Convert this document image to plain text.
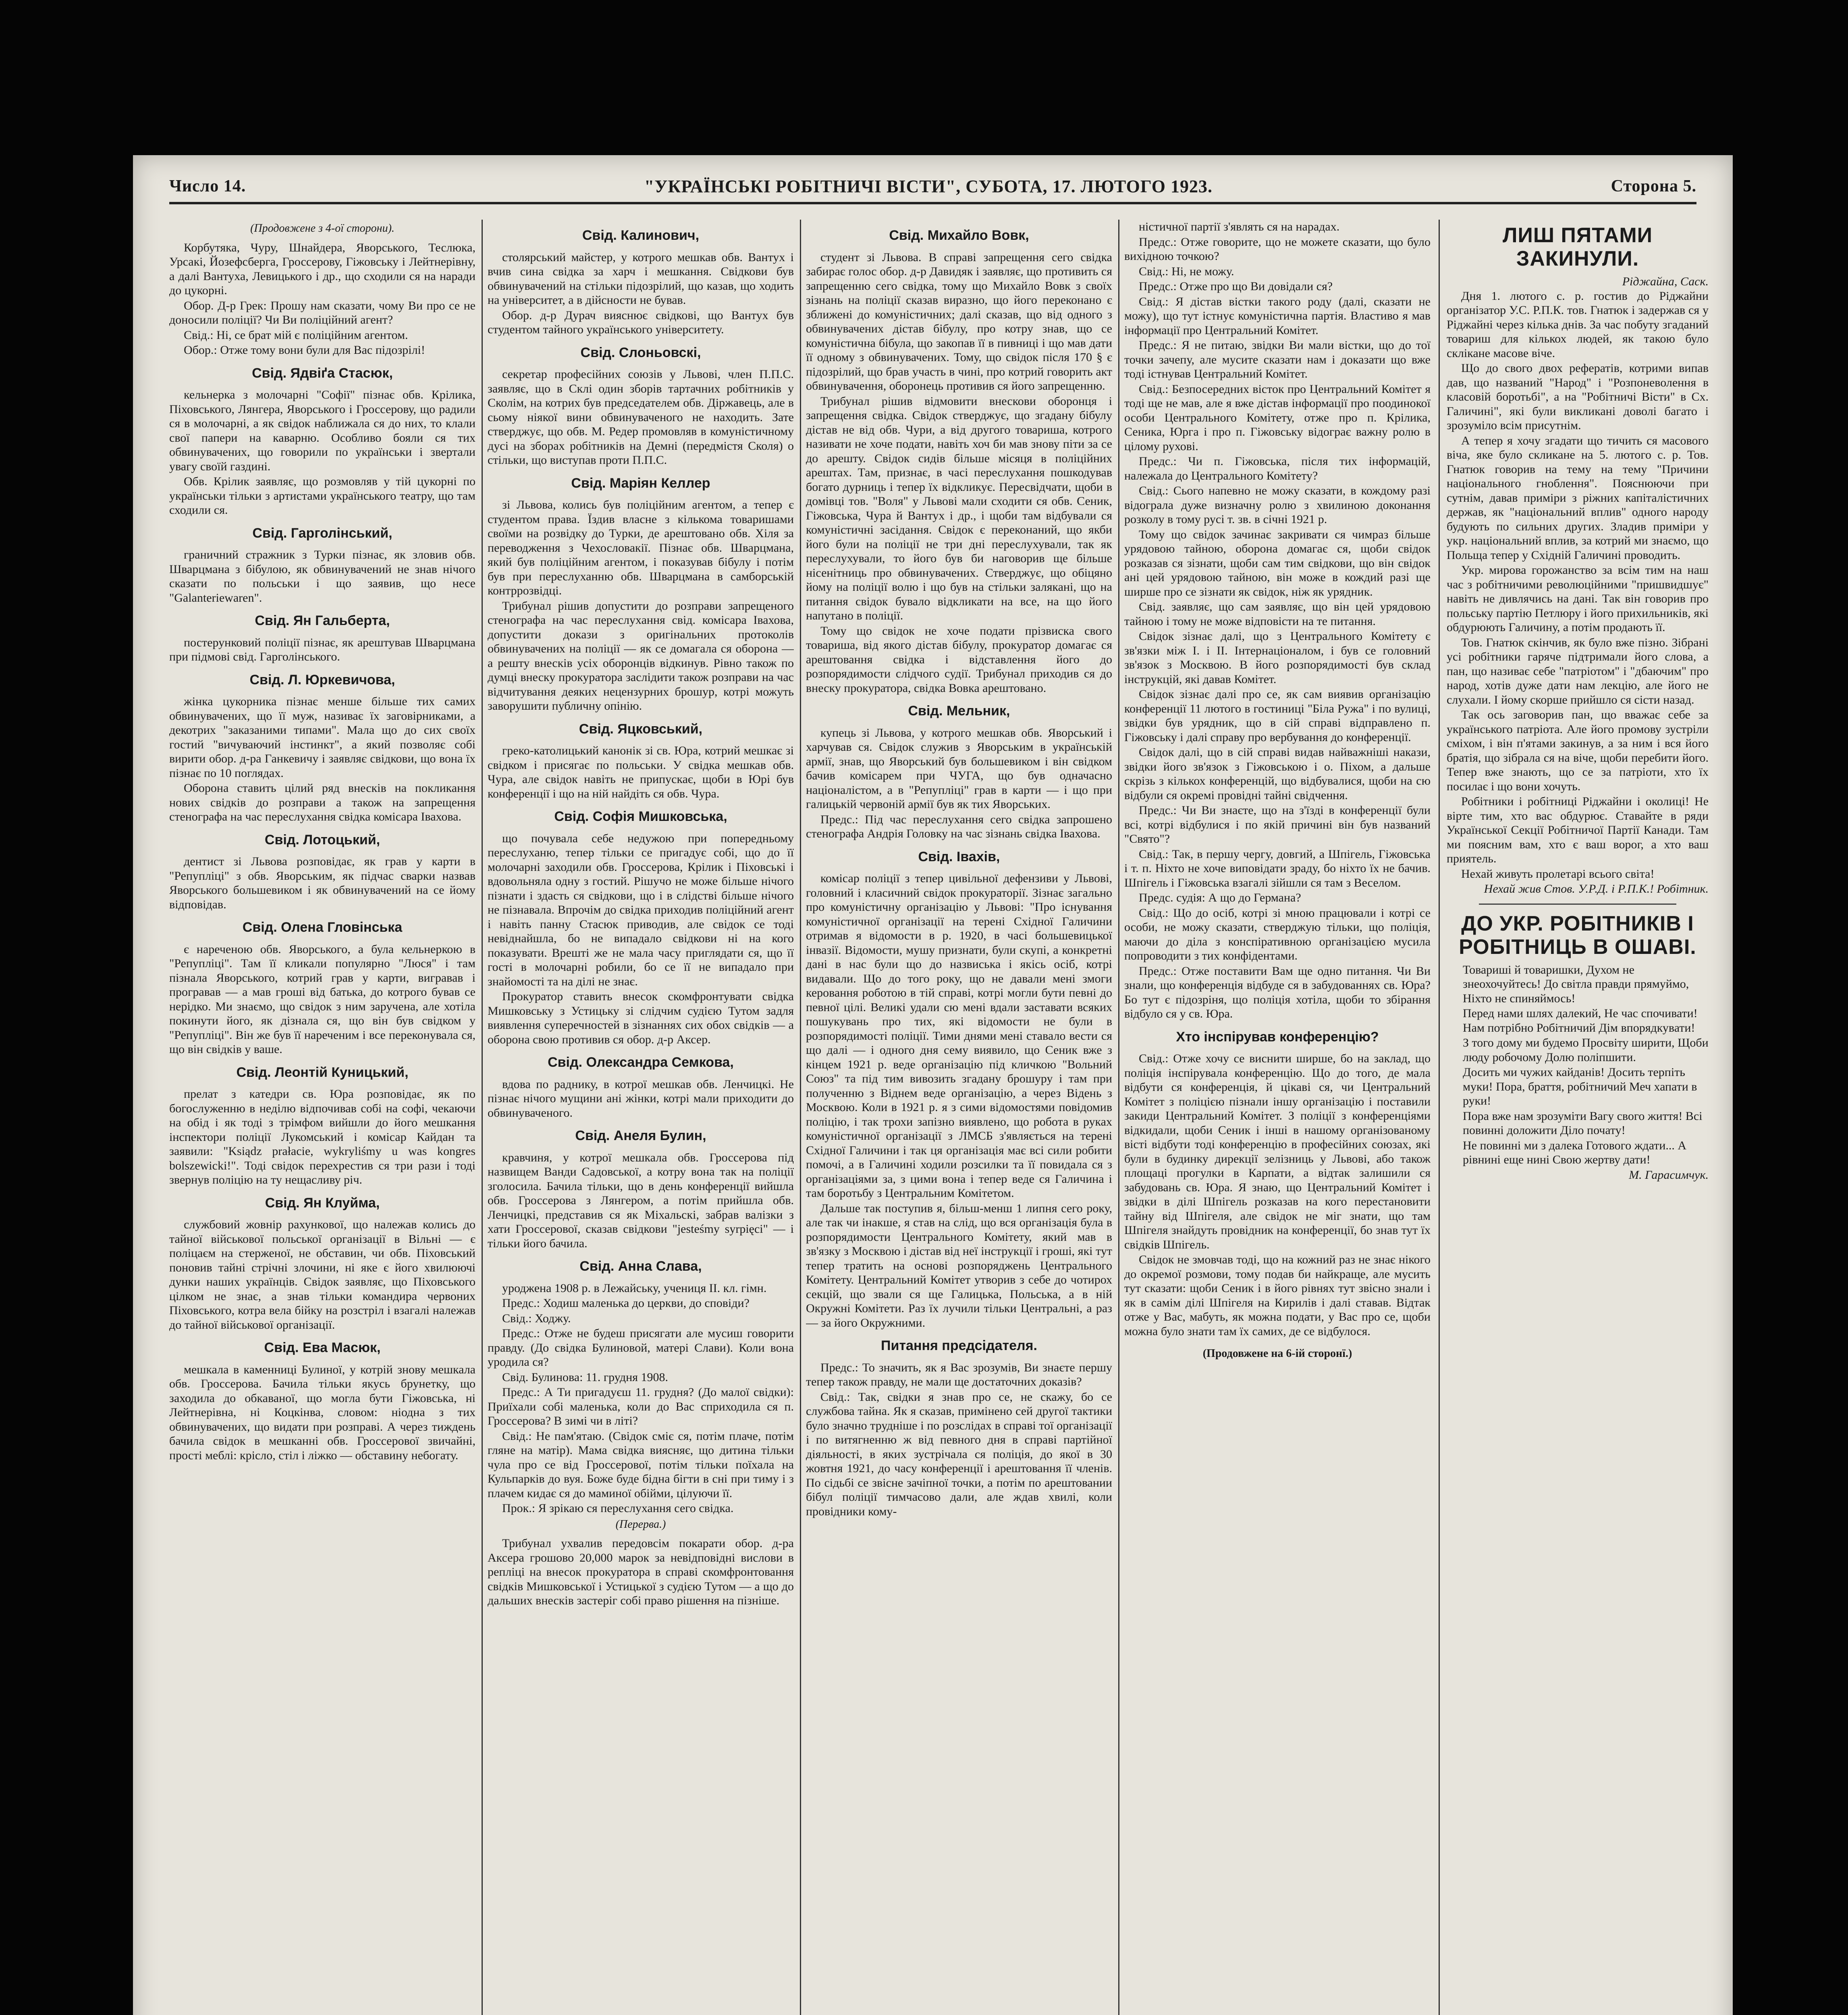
Число 14.	"УКРАЇНСЬКІ РОБІТНИЧІ ВІСТИ", СУБОТА, 17. ЛЮТОГО 1923.	Сторона 5.
(Продовжене з 4-ої сторони).

Корбутяка, Чуру, Шнайдера, Яворського, Теслюка, Урсакі, Йозефсберга, Гроссерову, Гіжовську і Лейтнерівну, а далі Вантуха, Левицького і др., що сходили ся на наради до цукорні.

Обор. Д-р Грек: Прошу нам сказати, чому Ви про се не доносили поліції? Чи Ви поліційний агент?

Свід.: Ні, се брат мій є поліційним агентом.

Обор.: Отже тому вони були для Вас підозрілі!

Свід. Ядвіґа Стасюк,

кельнерка з молочарні "Софії" пізнає обв. Крілика, Піховського, Лянгера, Яворського і Гроссерову, що радили ся в молочарні, а як свідок наближала ся до них, то клали свої папери на каварню. Особливо бояли ся тих обвинувачених, що говорили по українськи і звертали увагу своїй газдині.

Обв. Крілик заявляє, що розмовляв у тій цукорні по українськи тільки з артистами українського театру, що там сходили ся.

Свід. Гарголінський,

граничний стражник з Турки пізнає, як зловив обв. Шварцмана з бібулою, як обвинувачений не знав нічого сказати по польськи і що заявив, що несе "Galanteriewaren".

Свід. Ян Гальберта,

постерунковий поліції пізнає, як арештував Шварцмана при підмові свід. Гарголінського.

Свід. Л. Юркевичова,

жінка цукорника пізнає менше більше тих самих обвинувачених, що її муж, називає їх заговірниками, а декотрих "заказаними типами". Мала що до сих своїх гостий "вичуваючий інстинкт", а який позволяє собі вирити обор. д-ра Ганкевичу і заявляє свідкови, що вона їх пізнає по 10 поглядах.

Оборона ставить цілий ряд внесків на покликання нових свідків до розправи а також на запрещення стенографа на час переслухання свідка комісара Івахова.

Свід. Лотоцький,

дентист зі Львова розповідає, як грав у карти в "Репупліці" з обв. Яворським, як підчас сварки назвав Яворського большевиком і як обвинувачений на се йому відповідав.

Свід. Олена Гловінська

є нареченою обв. Яворського, а була кельнеркою в "Репупліці". Там її кликали популярно "Люся" і там пізнала Яворського, котрий грав у карти, вигравав і програвав — а мав гроші від батька, до котрого бував се нерідко. Ми знаємо, що свідок з ним заручена, але хотіла покинути його, як дізнала ся, що він був свідком у "Репупліці". Він же був її нареченим і все переконувала ся, що він свідків у ваше.

Свід. Леонтій Куницький,

прелат з катедри св. Юра розповідає, як по богослуженню в неділю відпочивав собі на софі, чекаючи на обід і як тоді з трімфом вийшли до його мешкання інспектори поліції Лукомський і комісар Кайдан та заявили: "Ksiądz prałacie, wykryliśmy u was kongres bolszewicki!". Тоді свідок перехрестив ся три рази і тоді звернув поліцію на ту нещасливу річ.

Свід. Ян Клуйма,

службовий жовнір рахункової, що належав колись до тайної військової польської організації в Вільні — є поліцаєм на стерженої, не обставин, чи обв. Піховський поновив тайні стрічні злочини, ні яке є його хвилюючі дунки наших українців. Свідок заявляє, що Піховського цілком не знає, а знав тільки командира червоних Піховського, котра вела бійку на розстріл і взагалі належав до тайної військової організації.

Свід. Ева Масюк,

мешкала в каменниці Булиної, у котрій знову мешкала обв. Гроссерова. Бачила тільки якусь брунетку, що заходила до обкаваної, що могла бути Гіжовська, ні Лейтнерівна, ні Коцкінва, словом: ніодна з тих обвинувачених, що видати при розправі. А через тиждень бачила свідок в мешканні обв. Гроссерової звичайні, прості меблі: крісло, стіл і ліжко — обставину небогату.

Свід. Калинович,

столярський майстер, у котрого мешкав обв. Вантух і вчив сина свідка за харч і мешкання. Свідкови був обвинувачений на стільки підозрілий, що казав, що ходить на університет, а в дійсности не бував.

Обор. д-р Дурач вияснює свідкові, що Вантух був студентом тайного українського університету.

Свід. Слоньовскі,

секретар професійних союзів у Львові, член П.П.С. заявляє, що в Склі один зборів тартачних робітників у Сколім, на котрих був председателем обв. Діржавець, але в сьому ніякої вини обвинуваченого не находить. Зате стверджує, що обв. М. Редер промовляв в комуністичному дусі на зборах робітників на Демні (передмістя Сколя) о стільки, що виступав проти П.П.С.

Свід. Маріян Келлер

зі Львова, колись був поліційним агентом, а тепер є студентом права. Їздив власне з кількома товаришами своїми на розвідку до Турки, де арештовано обв. Хіля за переводження з Чехословакії. Пізнає обв. Шварцмана, який був поліційним агентом, і показував бібулу і потім був при переслуханню обв. Шварцмана в самборській контррозвідці.

Трибунал рішив допустити до розправи запрещеного стенографа на час переслухання свід. комісара Івахова, допустити докази з оригінальних протоколів обвинувачених на поліції — як се домагала ся оборона — а решту внесків усіх оборонців відкинув. Рівно також по думці внеску прокуратора заслідити також розправи на час відчитування деяких нецензурних брошур, котрі можуть заворушити публичну опінію.

Свід. Яцковський,

греко-католицький канонік зі св. Юра, котрий мешкає зі свідком і присягає по польськи. У свідка мешкав обв. Чура, але свідок навіть не припускає, щоби в Юрі був конференції і що на ній найдіть ся обв. Чура.

Свід. Софія Мишковська,

що почувала себе недужою при попередньому переслуханю, тепер тільки се пригадує собі, що до її молочарні заходили обв. Гроссерова, Крілик і Піховські і вдовольняла одну з гостий. Рішучо не може більше нічого пізнати і здасть ся свідкови, що і в слідстві більше нічого не пізнавала. Впрочім до свідка приходив поліційний агент і навіть панну Стасюк приводив, але свідок се тоді невіднайшла, бо не випадало свідкови ні на кого показувати. Врешті же не мала часу приглядати ся, що її гості в молочарні робили, бо се її не випадало при знайомості та на ділі не знає.

Прокуратор ставить внесок скомфронтувати свідка Мишковську з Устицьку зі слідчим судією Тутом задля виявлення суперечностей в зізнаннях сих обох свідків — а оборона свою противив ся обор. д-р Аксер.

Свід. Олександра Семкова,

вдова по раднику, в котрої мешкав обв. Ленчицкі. Не пізнає нічого мущини ані жінки, котрі мали приходити до обвинуваченого.

Свід. Анеля Булин,

кравчиня, у котрої мешкала обв. Гроссерова під назвищем Ванди Садовської, а котру вона так на поліції зголосила. Бачила тільки, що в день конференції вийшла обв. Гроссерова з Лянгером, а потім прийшла обв. Ленчицкі, представив ся як Міхальскі, забрав валізки з хати Гроссерової, сказав свідкови "jesteśmy syrpięci" — і тільки його бачила.

Свід. Анна Слава,

уроджена 1908 р. в Лежайську, учениця II. кл. гімн.

Предс.: Ходиш маленька до церкви, до сповіди?

Свід.: Ходжу.

Предс.: Отже не будеш присягати але мусиш говорити правду. (До свідка Булиновой, матері Слави). Коли вона уродила ся?

Свід. Булинова: 11. грудня 1908.

Предс.: А Ти пригадуєш 11. грудня? (До малої свідки): Приїхали собі маленька, коли до Вас сприходила ся п. Гроссерова? В зимі чи в літі?

Свід.: Не пам'ятаю. (Свідок сміє ся, потім плаче, потім гляне на матір). Мама свідка виясняє, що дитина тільки чула про се від Гроссерової, потім тільки поїхала на Кульпарків до вуя. Боже буде бідна бігти в сні при тиму і з плачем кидає ся до маминої обійми, цілуючи її.

Прок.: Я зрікаю ся переслухання сего свідка.

(Перерва.)

Трибунал ухвалив передовсім покарати обор. д-ра Аксера грошово 20,000 марок за невідповідні вислови в репліці на внесок прокуратора в справі скомфронтовання свідків Мишковської і Устицької з судією Тутом — а що до дальших внесків застеріг собі право рішення на пізніше.

Свід. Михайло Вовк,

студент зі Львова. В справі запрещення сего свідка забирає голос обор. д-р Давидяк і заявляє, що противить ся запрещенню сего свідка, тому що Михайло Вовк з своїх зізнань на поліції сказав виразно, що його переконано є зближені до комуністичних; далі сказав, що від одного з обвинувачених дістав бібулу, про котру знав, що се комуністична бібула, що закопав її в пивниці і що мав дати її одному з обвинувачених. Тому, що свідок після 170 § є підозрілий, що брав участь в чині, про котрий говорить акт обвинувачення, оборонець противив ся його запрещенню.

Трибунал рішив відмовити внескови оборонця і запрещення свідка. Свідок стверджує, що згадану бібулу дістав не від обв. Чури, а від другого товариша, котрого називати не хоче подати, навіть хоч би мав знову піти за се до арешту. Свідок сидів більше місяця в поліційних арештах. Там, признає, в часі переслухання пошкодував богато дурниць і тепер їх відкликує. Пересвідчати, щоби в домівці тов. "Воля" у Львові мали сходити ся обв. Сеник, Гіжовська, Чура й Вантух і др., і щоби там відбували ся комуністичні засідання. Свідок є переконаний, що якби його були на поліції не три дні переслухували, так як переслухували, то його був би наговорив ще більше нісенітниць про обвинувачених. Стверджує, що обіцяно йому на поліції волю і що був на стільки залякані, що на питання свідок бувало відкликати на все, на що його напутано в поліції.

Тому що свідок не хоче подати прізвиска свого товариша, від якого дістав бібулу, прокуратор домагає ся арештовання свідка і відставлення його до розпорядимости слідчого судії. Трибунал приходив ся до внеску прокуратора, свідка Вовка арештовано.

Свід. Мельник,

купець зі Львова, у котрого мешкав обв. Яворський і харчував ся. Свідок служив з Яворським в українській армії, знав, що Яворський був большевиком і він свідком бачив комісарем при ЧУГА, що був одначасно націоналістом, а в "Репупліці" грав в карти — і що при галицькій червоній армії був як тих Яворських.

Предс.: Під час переслухання сего свідка запрошено стенографа Андрія Головку на час зізнань свідка Івахова.

Свід. Івахів,

комісар поліції з тепер цивільної дефензиви у Львові, головний і класичний свідок прокураторії. Зізнає загально про комуністичну організацію у Львові: "Про існування комуністичної організації на терені Східної Галичини отримав я відомости в р. 1920, в часі большевицької інвазії. Відомости, мушу признати, були скупі, а конкретні дані в нас були що до назвиська і якісь осіб, котрі видавали. Що до того року, що не давали мені змоги керовання роботою в тій справі, котрі могли бути певні до певної цілі. Великі удали сю мені вдали заставати всяких пошукувань про тих, які відомости не були в розпорядимості поліції. Тими днями мені ставало вести ся що далі — і одного дня сему виявило, що Сеник вже з кінцем 1921 р. веде організацію під кличкою "Вольний Союз" та під тим вивозить згадану брошуру і там при полученню з Віднем веде організацію, а через Відень з Москвою. Коли в 1921 р. я з сими відомостями повідомив поліцію, і так трохи запізно виявлено, що робота в руках комуністичної організації з ЛМСБ з'являється на терені Східної Галичини і так ця організація має всі сили робити помочі, а в Галичині ходили розсилки та її повидала ся з організаціями за, з цими вона і тепер веде ся Галичина і там боротьбу з Центральним Комітетом.

Дальше так поступив я, більш-менш 1 липня сего року, але так чи інакше, я став на слід, що вся організація була в розпорядимости Центрального Комітету, який мав в зв'язку з Москвою і дістав від неї інструкції і гроші, які тут тепер тратить на основі розпоряджень Центрального Комітету. Центральний Комітет утворив з себе до чотирох секцій, що звали ся ще Галицька, Польська, а в ній Окружні Комітети. Раз їх лучили тільки Центральні, а раз — за його Окружними.

Питання предсідателя.

Предс.: То значить, як я Вас зрозумів, Ви знаєте першу тепер також правду, не мали ще достаточних доказів?

Свід.: Так, свідки я знав про се, не скажу, бо се службова тайна. Як я сказав, примінено сей другої тактики було значно трудніше і по розслідах в справі тої організації і по витягненню ж від певного дня в справі партійної діяльності, в яких зустрічала ся поліція, до якої в 30 жовтня 1921, до часу конференції і арештовання її членів. По сідьбі се звісне зачіпної точки, а потім по арештовании бібул поліції тимчасово дали, але ждав хвилі, коли провідники кому-

ністичної партії з'являть ся на нарадах.

Предс.: Отже говорите, що не можете сказати, що було вихідною точкою?

Свід.: Ні, не можу.

Предс.: Отже про що Ви довідали ся?

Свід.: Я дістав вістки такого роду (далі, сказати не можу), що тут істнує комуністична партія. Властиво я мав інформації про Центральний Комітет.

Предс.: Я не питаю, звідки Ви мали вістки, що до тої точки зачепу, але мусите сказати нам і доказати що вже тоді істнував Центральний Комітет.

Свід.: Безпосередних вісток про Центральний Комітет я тоді ще не мав, але я вже дістав інформації про поодинокої особи Центрального Комітету, отже про п. Крілика, Сеника, Юрга і про п. Гіжовську відограє важну ролю в цілому рухові.

Предс.: Чи п. Гіжовська, після тих інформацій, належала до Центрального Комітету?

Свід.: Сього напевно не можу сказати, в кождому разі відограла дуже визначну ролю з хвилиною доконання розколу в тому русі т. зв. в січні 1921 р.

Тому що свідок зачинає закривати ся чимраз більше урядовою тайною, оборона домагає ся, щоби свідок розказав ся зізнати, щоби сам тим свідкови, що він свідок ані цей урядовою тайною, він може в кождий разі ще ширше про се зізнати як свідок, ніж як урядник.

Свід. заявляє, що сам заявляє, що він цей урядовою тайною і тому не може відповісти на те питання.

Свідок зізнає далі, що з Центрального Комітету є зв'язки між І. і ІІ. Інтернаціоналом, і був се головний зв'язок з Москвою. В його розпорядимості був склад інструкцій, які давав Комітет.

Свідок зізнає далі про се, як сам виявив організацію конференції 11 лютого в гостиниці "Біла Ружа" і по вулиці, звідки був урядник, що в сій справі відправлено п. Гіжовську і далі справу про вербування до конференції.

Свідок далі, що в сій справі видав найважніші накази, звідки його зв'язок з Гіжовською і о. Піхом, а дальше скрізь з кількох конференцій, що відбувалися, щоби на сю відбули ся окремі провідні тайні свідчення.

Предс.: Чи Ви знаєте, що на з'їзді в конференції були всі, котрі відбулися і по якій причині він був названий "Свято"?

Свід.: Так, в першу чергу, довгий, а Шпігель, Гіжовська і т. п. Ніхто не хоче виповідати зраду, бо ніхто їх не бачив. Шпігель і Гіжовська взагалі зійшли ся там з Веселом.

Предс. судія: А що до Германа?

Свід.: Що до осіб, котрі зі мною працювали і котрі се особи, не можу сказати, стверджую тільки, що поліція, маючи до діла з конспіративною організацією мусила попроводити з тих конфідентами.

Предс.: Отже поставити Вам ще одно питання. Чи Ви знали, що конференція відбуде ся в забудованнях св. Юра? Бо тут є підозріня, що поліція хотіла, щоби то збірання відбуло ся у св. Юра.

Хто інспірував конференцію?

Свід.: Отже хочу се виснити ширше, бо на заклад, що поліція інспірувала конференцію. Що до того, де мала відбути ся конференція, й цікаві ся, чи Центральний Комітет з поліцією пізнали іншу організацію і поставили закиди Центральний Комітет. З поліції з конференціями відкидали, щоби Сеник і інші в нашому організованому вісті відбути тоді конференцію в професійних союзах, які були в будинку дирекції зелізниць у Львові, або також площаці прогулки в Карпати, а відтак залишили ся забудовань св. Юра. Я знаю, що Центральний Комітет і звідки в ділі Шпігель розказав на кого перестановити тайну від Шпігеля, але свідок не міг знати, що там Шпігеля знайдуть провідник на конференції, бо знав тут їх свідків Шпігель.

Свідок не змовчав тоді, що на кожний раз не знає нікого до окремої розмови, тому подав би найкраще, але мусить тут сказати: щоби Сеник і в його рівнях тут звісно знали і як в самім ділі Шпігеля на Кирилів і далі ставав. Відтак отже у Вас, мабуть, як можна подати, у Вас про се, щоби можна було знати там їх самих, де се відбулося.

(Продовжене на 6-ій сторонї.)
ЛИШ ПЯТАМИ ЗАКИНУЛИ.
Ріджайна, Саск.

Дня 1. лютого с. р. гостив до Ріджайни організатор У.С. Р.П.К. тов. Гнатюк і задержав ся у Ріджайні через кілька днів. За час побуту згаданий товариш для кількох людей, як такою було склікане масове віче.

Що до свого двох рефератів, котрими випав дав, що названий "Народ" і "Розпоневолення в класовій боротьбі", а на "Робітничі Вісти" в Сх. Галичині", які були викликані доволі багато і зрозуміло всім присутнім.

А тепер я хочу згадати що тичить ся масового віча, яке було скликане на 5. лютого с. р. Тов. Гнатюк говорив на тему на тему "Причини національного гноблення". Пояснюючи при сутнім, давав приміри з ріжних капіталістичних держав, як "національний вплив" одного народу будують по сильних других. Зладив приміри у укр. національний вплив, за котрий ми знаємо, що Польща тепер у Східній Галичині проводить.

Укр. мирова горожанство за всім тим на наш час з робітничими революційними "пришвидшує" навіть не дивлячись на дані. Так він говорив про польську партію Петлюру і його прихильників, які обдурюють Галичину, а потім продають її.

Тов. Гнатюк скінчив, як було вже пізно. Зібрані усі робітники гаряче підтримали його слова, а пан, що називає себе "патріотом" і "дбаючим" про народ, хотів дуже дати нам лекцію, але його не слухали. І йому скорше прийшло ся сісти назад.

Так ось заговорив пан, що вважає себе за українського патріота. Але його промову зустріли сміхом, і він п'ятами закинув, а за ним і вся його братія, що зібрала ся на віче, щоби перебити його. Тепер вже знають, що се за патріоти, хто їх посилає і що вони хочуть.

Робітники і робітниці Ріджайни і околиці! Не вірте тим, хто вас обдурює. Ставайте в ряди Української Секції Робітничої Партії Канади. Там ми поясним вам, хто є ваш ворог, а хто ваш приятель.

Нехай живуть пролетарі всього світа!

Нехай жив Стов. У.Р.Д. і Р.П.К.! Робітник.

ДО УКР. РОБІТНИКІВ І РОБІТНИЦЬ В ОШАВІ.

Товариші й товаришки, Духом не знеохочуйтесь! До світла правди прямуймо, Ніхто не спиняймось!

Перед нами шлях далекий, Не час спочивати! Нам потрібно Робітничий Дім впорядкувати!

З того дому ми будемо Просвіту ширити, Щоби люду робочому Долю поліпшити.

Досить ми чужих кайданів! Досить терпіть муки! Пора, браття, робітничий Меч хапати в руки!

Пора вже нам зрозуміти Вагу свого життя! Всі повинні доложити Діло почату!

Не повинні ми з далека Готового ждати... А рівнині еще нині Свою жертву дати!

М. Гарасимчук.
